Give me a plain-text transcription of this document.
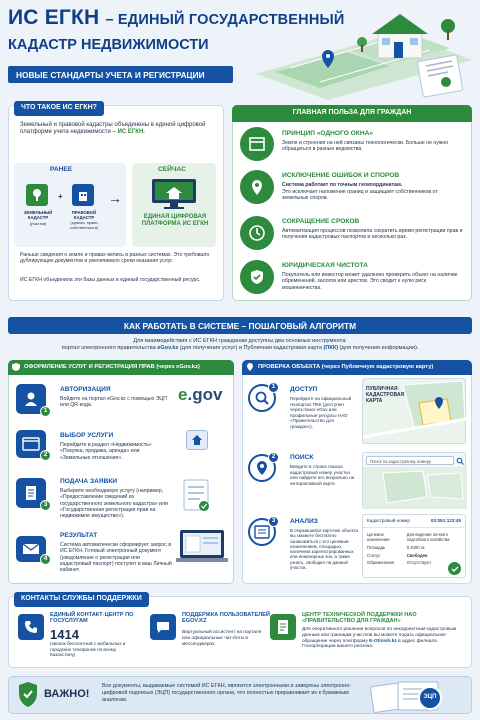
ИС ЕГКН – ЕДИНЫЙ ГОСУДАРСТВЕННЫЙ
КАДАСТР НЕДВИЖИМОСТИ
НОВЫЕ СТАНДАРТЫ УЧЕТА И РЕГИСТРАЦИИ
ЧТО ТАКОЕ ИС ЕГКН?
Земельный и правовой кадастры объединены в единой цифровой платформе учета недвижимости – ИС ЕГКН.
РАНЕЕ
ЗЕМЕЛЬНЫЙ КАДАСТР
(участки)
+
ПРАВОВОЙ КАДАСТР
(здания, право собственности)
→
СЕЙЧАС
ЕДИНАЯ ЦИФРОВАЯ ПЛАТФОРМА ИС ЕГКН
Раньше сведения о земле и правах велись в разных системах. Это требовало дублирующих документов и увеличивало сроки оказания услуг.
ИС ЕГКН объединила эти базы данных в единый государственный ресурс.
ГЛАВНАЯ ПОЛЬЗА ДЛЯ ГРАЖДАН
ПРИНЦИП «ОДНОГО ОКНА»
Земля и строения на ней связаны технологически. Больше не нужно обращаться в разные ведомства.
ИСКЛЮЧЕНИЕ ОШИБОК И СПОРОВ
Система работает по точным геокоординатам.
Это исключает наложение границ и защищает собственников от земельных споров.
СОКРАЩЕНИЕ СРОКОВ
Автоматизация процессов позволила сократить время регистрации прав и получения кадастровых паспортов в несколько раз.
ЮРИДИЧЕСКАЯ ЧИСТОТА
Покупатель или инвестор может удаленно проверить объект на наличие обременений, залогов или арестов. Это сводит к нулю риск мошенничества.
КАК РАБОТАТЬ В СИСТЕМЕ – ПОШАГОВЫЙ АЛГОРИТМ
Для взаимодействия с ИС ЕГКН гражданам доступны два основных инструмента:
портал электронного правительства eGov.kz (для получения услуг) и Публичная кадастровая карта (ПКК) (для получения информации).
ОФОРМЛЕНИЕ УСЛУГ И РЕГИСТРАЦИЯ ПРАВ (через eGov.kz)
1
АВТОРИЗАЦИЯ
Войдите на портал eGov.kz с помощью ЭЦП или QR-кода.
e.gov
2
ВЫБОР УСЛУГИ
Перейдите в раздел «Недвижимость» «Покупка, продажа, аренда» или «Земельные отношения».
3
ПОДАЧА ЗАЯВКИ
Выберите необходимую услугу (например, «Предоставление сведений из государственного земельного кадастра» или «Государственная регистрация прав на недвижимое имущество»).
4
РЕЗУЛЬТАТ
Система автоматически сформирует запрос в ИС ЕГКН. Готовый электронный документ (уведомление о регистрации или кадастровый паспорт) поступит в ваш Личный кабинет.
ПРОВЕРКА ОБЪЕКТА (через Публичную кадастровую карту)
1	ДОСТУП
Перейдите на официальный геопортал ПКК (доступен через поиск eGov или профильные ресурсы НАО «Правительство для граждан»).
ПУБЛИЧНАЯ КАДАСТРОВАЯ КАРТА
2	ПОИСК
Введите в строке поиска кадастровый номер участка или найдите его визуально на интерактивной карте.
Поиск по кадастровому номеру
3	АНАЛИЗ
В открывшейся карточке объекта вы сможете бесплатно ознакомиться с его целевым назначением, площадью, наличием зарегистрированных или инженерных зон, а также узнать, свободен ли данный участок.
Кадастровый номер	03:051:123:45
Целевое назначение	Для ведения личного подсобного хозяйства
Площадь	0,1000 га
Статус	Свободен
Обременения	Отсутствуют
КОНТАКТЫ СЛУЖБЫ ПОДДЕРЖКИ
ЕДИНЫЙ КОНТАКТ-ЦЕНТР ПО ГОСУСЛУГАМ
1414
(звонок бесплатный с мобильных и городских телефонов по всему Казахстану)
ПОДДЕРЖКА ПОЛЬЗОВАТЕЛЕЙ EGOV.KZ
Виртуальный ассистент на портале или официальные чат-боты в мессенджерах.
ЦЕНТР ТЕХНИЧЕСКОЙ ПОДДЕРЖКИ НАО «ПРАВИТЕЛЬСТВО ДЛЯ ГРАЖДАН»
Для оперативного решения вопросов по некорректным кадастровым данным или границам участков вы можете подать официальное обращение через платформу E-Otinish.kz в адрес филиала Госкорпорации вашего региона.
ВАЖНО!
Все документы, выдаваемые системой ИС ЕГКН, являются электронными и заверены электронно-цифровой подписью (ЭЦП) государственного органа, что полностью приравнивает их к бумажным аналогам.	ЭЦП
